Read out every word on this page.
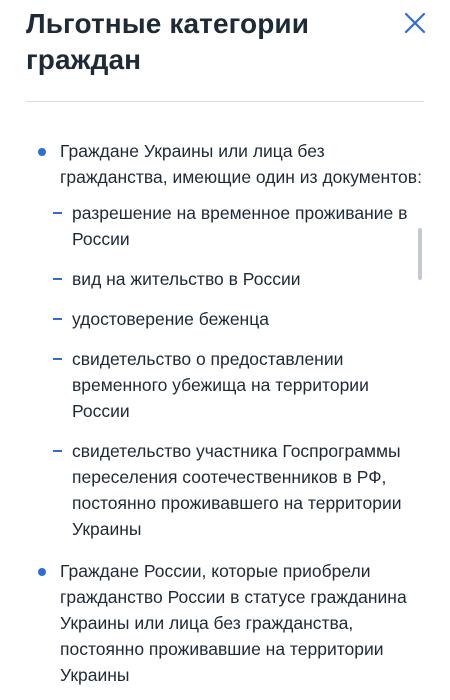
Льготные категории граждан
Граждане Украины или лица без гражданства, имеющие один из документов:
разрешение на временное проживание в России
вид на жительство в России
удостоверение беженца
свидетельство о предоставлении временного убежища на территории России
свидетельство участника Госпрограммы переселения соотечественников в РФ, постоянно проживавшего на территории Украины
Граждане России, которые приобрели гражданство России в статусе гражданина Украины или лица без гражданства, постоянно проживавшие на территории Украины
